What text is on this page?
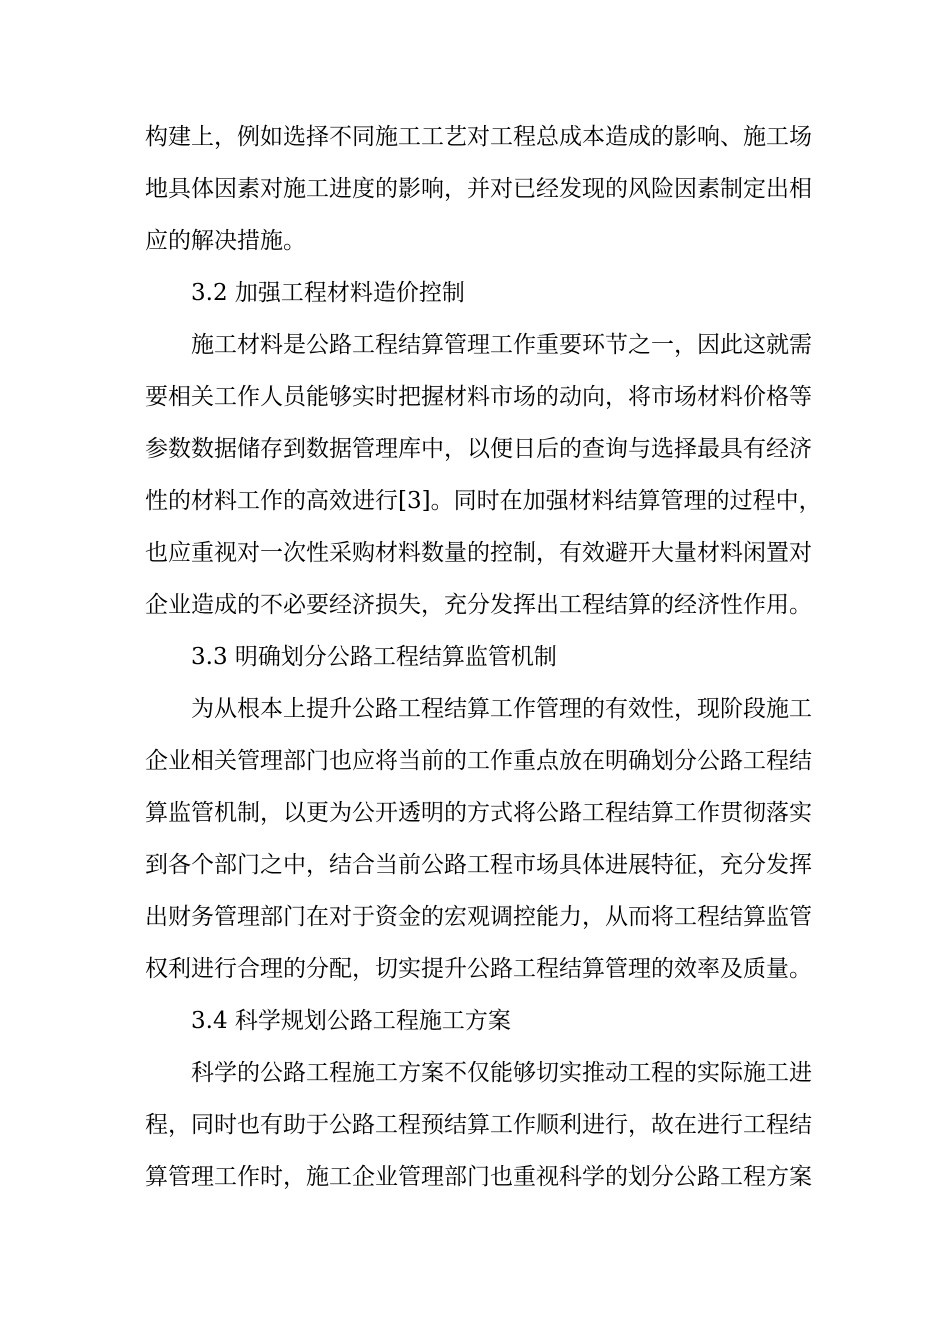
构建上，例如选择不同施工工艺对工程总成本造成的影响、施工场
地具体因素对施工进度的影响，并对已经发现的风险因素制定出相
应的解决措施。
3.2 加强工程材料造价控制
施工材料是公路工程结算管理工作重要环节之一，因此这就需
要相关工作人员能够实时把握材料市场的动向，将市场材料价格等
参数数据储存到数据管理库中，以便日后的查询与选择最具有经济
性的材料工作的高效进行[3]。同时在加强材料结算管理的过程中，
也应重视对一次性采购材料数量的控制，有效避开大量材料闲置对
企业造成的不必要经济损失，充分发挥出工程结算的经济性作用。
3.3 明确划分公路工程结算监管机制
为从根本上提升公路工程结算工作管理的有效性，现阶段施工
企业相关管理部门也应将当前的工作重点放在明确划分公路工程结
算监管机制，以更为公开透明的方式将公路工程结算工作贯彻落实
到各个部门之中，结合当前公路工程市场具体进展特征，充分发挥
出财务管理部门在对于资金的宏观调控能力，从而将工程结算监管
权利进行合理的分配，切实提升公路工程结算管理的效率及质量。
3.4 科学规划公路工程施工方案
科学的公路工程施工方案不仅能够切实推动工程的实际施工进
程，同时也有助于公路工程预结算工作顺利进行，故在进行工程结
算管理工作时，施工企业管理部门也重视科学的划分公路工程方案
